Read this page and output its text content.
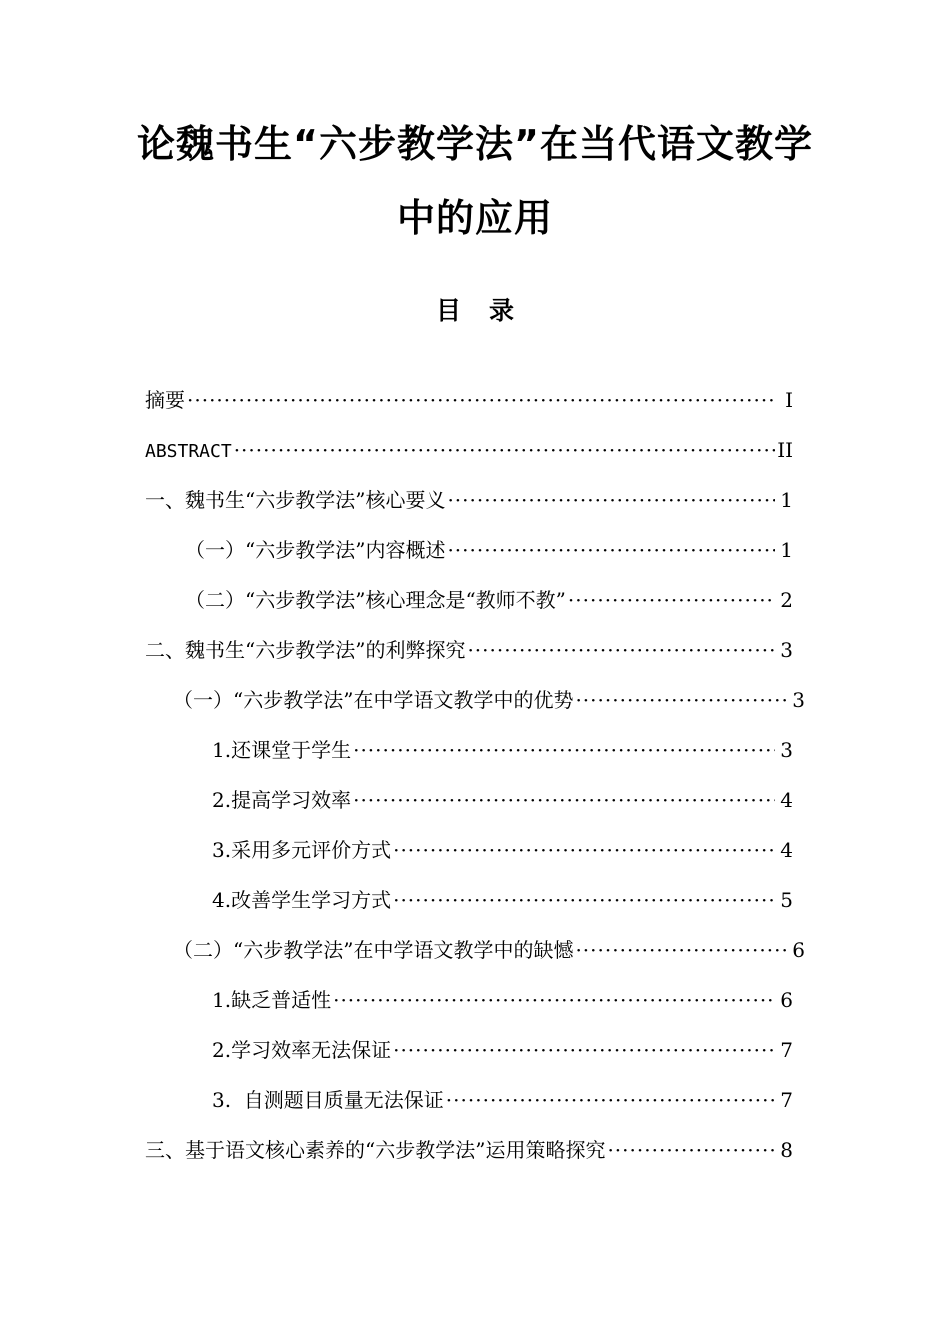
论魏书生“六步教学法”在当代语文教学
中的应用
目录
摘要 ·····	Ⅰ
ABSTRACT ·····	II
一、魏书生“六步教学法”核心要义 ·····	1
（一）“六步教学法”内容概述 ·····	1
（二）“六步教学法”核心理念是“教师不教” ·····	2
二、魏书生“六步教学法”的利弊探究 ·····	3
（一）“六步教学法”在中学语文教学中的优势 ·····	3
1.还课堂于学生 ·····	3
2.提高学习效率 ·····	4
3.采用多元评价方式 ·····	4
4.改善学生学习方式 ·····	5
（二）“六步教学法”在中学语文教学中的缺憾 ·····	6
1.缺乏普适性 ·····	6
2.学习效率无法保证 ·····	7
3.  自测题目质量无法保证 ·····	7
三、基于语文核心素养的“六步教学法”运用策略探究 ·····	8
